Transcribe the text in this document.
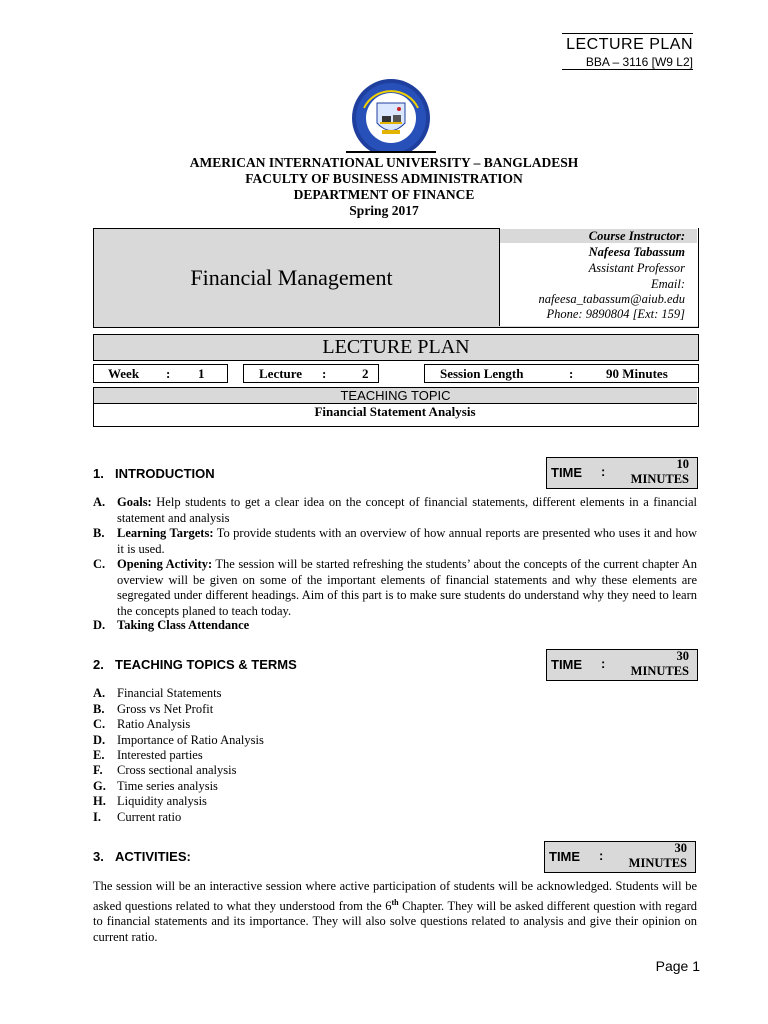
LECTURE PLAN
BBA – 3116 [W9 L2]
AMERICAN INTERNATIONAL UNIVERSITY – BANGLADESH
FACULTY OF BUSINESS ADMINISTRATION
DEPARTMENT OF FINANCE
Spring 2017
Financial Management
Course Instructor:
Nafeesa Tabassum
Assistant Professor
Email:
nafeesa_tabassum@aiub.edu
Phone: 9890804 [Ext: 159]
LECTURE PLAN
Week : 1	Lecture :	2	Session Length	:	90 Minutes
TEACHING TOPIC
Financial Statement Analysis
1. INTRODUCTION	TIME :	10
MINUTES
A. Goals: Help students to get a clear idea on the concept of financial statements, different elements in a financial statement and analysis
B. Learning Targets: To provide students with an overview of how annual reports are presented who uses it and how it is used.
C. Opening Activity: The session will be started refreshing the students’ about the concepts of the current chapter An overview will be given on some of the important elements of financial statements and why these elements are segregated under different headings. Aim of this part is to make sure students do understand why they need to learn the concepts planed to teach today.
D. Taking Class Attendance
2. TEACHING TOPICS & TERMS	TIME :	30
MINUTES
A. Financial Statements
B. Gross vs Net Profit
C. Ratio Analysis
D. Importance of Ratio Analysis
E. Interested parties
F. Cross sectional analysis
G. Time series analysis
H. Liquidity analysis
I. Current ratio
3. ACTIVITIES:	TIME :	30
MINUTES
The session will be an interactive session where active participation of students will be acknowledged. Students will be asked questions related to what they understood from the 6th Chapter. They will be asked different question with regard to financial statements and its importance. They will also solve questions related to analysis and give their opinion on current ratio.
Page 1
